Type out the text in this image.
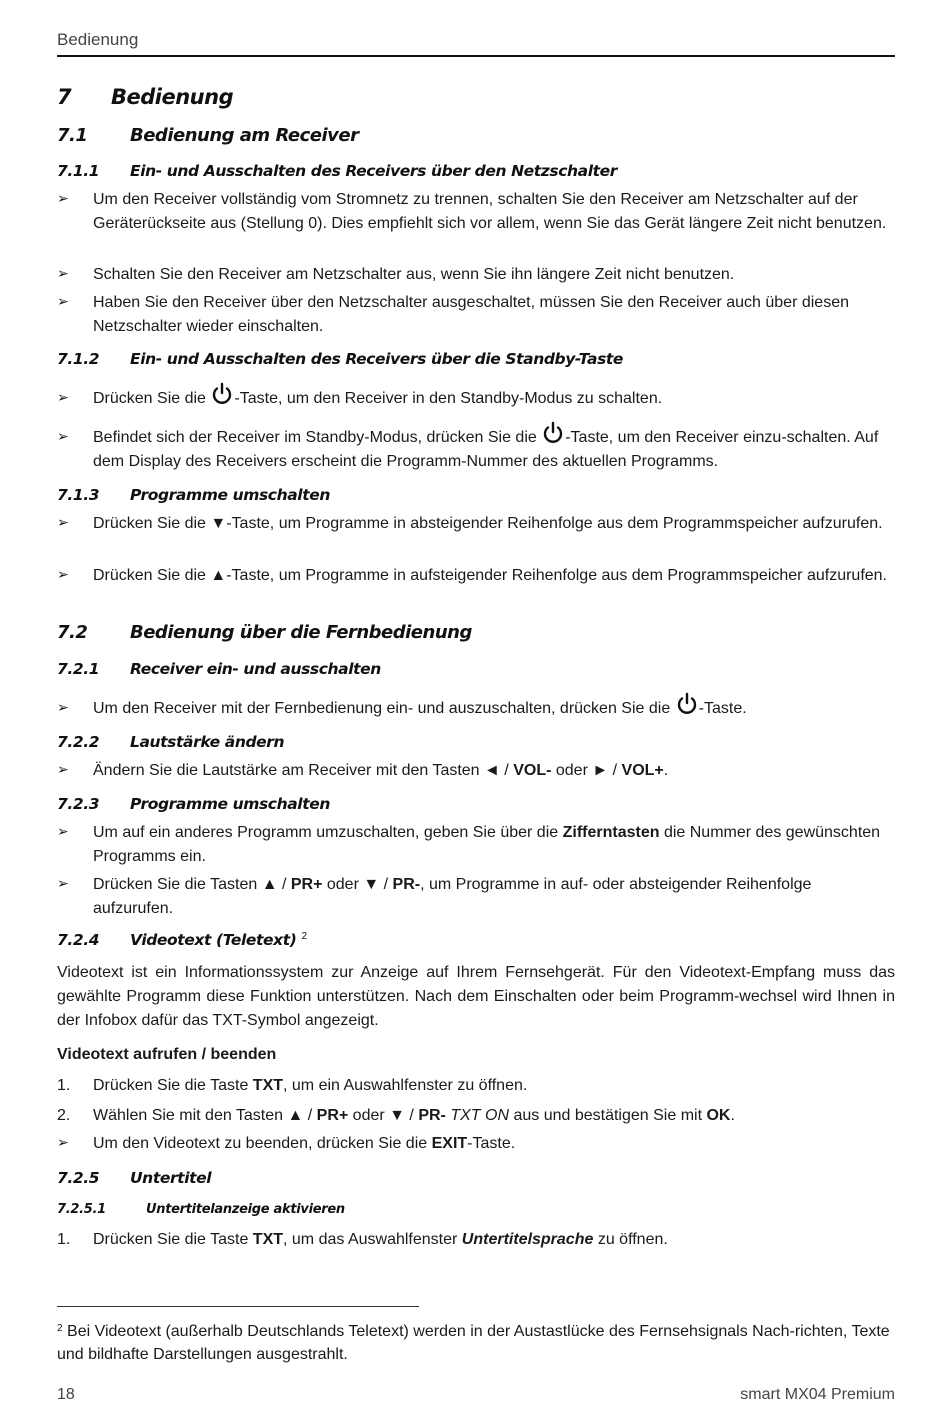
Bedienung
7 Bedienung
7.1 Bedienung am Receiver
7.1.1 Ein- und Ausschalten des Receivers über den Netzschalter
➢	Um den Receiver vollständig vom Stromnetz zu trennen, schalten Sie den Receiver am Netzschalter auf der Geräterückseite aus (Stellung 0). Dies empfiehlt sich vor allem, wenn Sie das Gerät längere Zeit nicht benutzen.
➢	Schalten Sie den Receiver am Netzschalter aus, wenn Sie ihn längere Zeit nicht benutzen.
➢	Haben Sie den Receiver über den Netzschalter ausgeschaltet, müssen Sie den Receiver auch über diesen Netzschalter wieder einschalten.
7.1.2 Ein- und Ausschalten des Receivers über die Standby-Taste
➢	Drücken Sie die -Taste, um den Receiver in den Standby-Modus zu schalten.
➢	Befindet sich der Receiver im Standby-Modus, drücken Sie die -Taste, um den Receiver einzu-schalten. Auf dem Display des Receivers erscheint die Programm-Nummer des aktuellen Programms.
7.1.3 Programme umschalten
➢	Drücken Sie die ▼-Taste, um Programme in absteigender Reihenfolge aus dem Programmspeicher aufzurufen.
➢	Drücken Sie die ▲-Taste, um Programme in aufsteigender Reihenfolge aus dem Programmspeicher aufzurufen.
7.2 Bedienung über die Fernbedienung
7.2.1 Receiver ein- und ausschalten
➢	Um den Receiver mit der Fernbedienung ein- und auszuschalten, drücken Sie die -Taste.
7.2.2 Lautstärke ändern
➢	Ändern Sie die Lautstärke am Receiver mit den Tasten ◄ / VOL- oder ► / VOL+.
7.2.3 Programme umschalten
➢	Um auf ein anderes Programm umzuschalten, geben Sie über die Zifferntasten die Nummer des gewünschten Programms ein.
➢	Drücken Sie die Tasten ▲ / PR+ oder ▼ / PR-, um Programme in auf- oder absteigender Reihenfolge aufzurufen.
7.2.4 Videotext (Teletext) $^2$
Videotext ist ein Informationssystem zur Anzeige auf Ihrem Fernsehgerät. Für den Videotext-Empfang muss das gewählte Programm diese Funktion unterstützen. Nach dem Einschalten oder beim Programm-wechsel wird Ihnen in der Infobox dafür das TXT-Symbol angezeigt.
Videotext aufrufen / beenden
1.	Drücken Sie die Taste TXT, um ein Auswahlfenster zu öffnen.
2.	Wählen Sie mit den Tasten ▲ / PR+ oder ▼ / PR- TXT ON aus und bestätigen Sie mit OK.
➢	Um den Videotext zu beenden, drücken Sie die EXIT-Taste.
7.2.5 Untertitel
7.2.5.1	Untertitelanzeige aktivieren
1.	Drücken Sie die Taste TXT, um das Auswahlfenster Untertitelsprache zu öffnen.
$^2$ Bei Videotext (außerhalb Deutschlands Teletext) werden in der Austastlücke des Fernsehsignals Nach-richten, Texte und bildhafte Darstellungen ausgestrahlt.
18	smart MX04 Premium
